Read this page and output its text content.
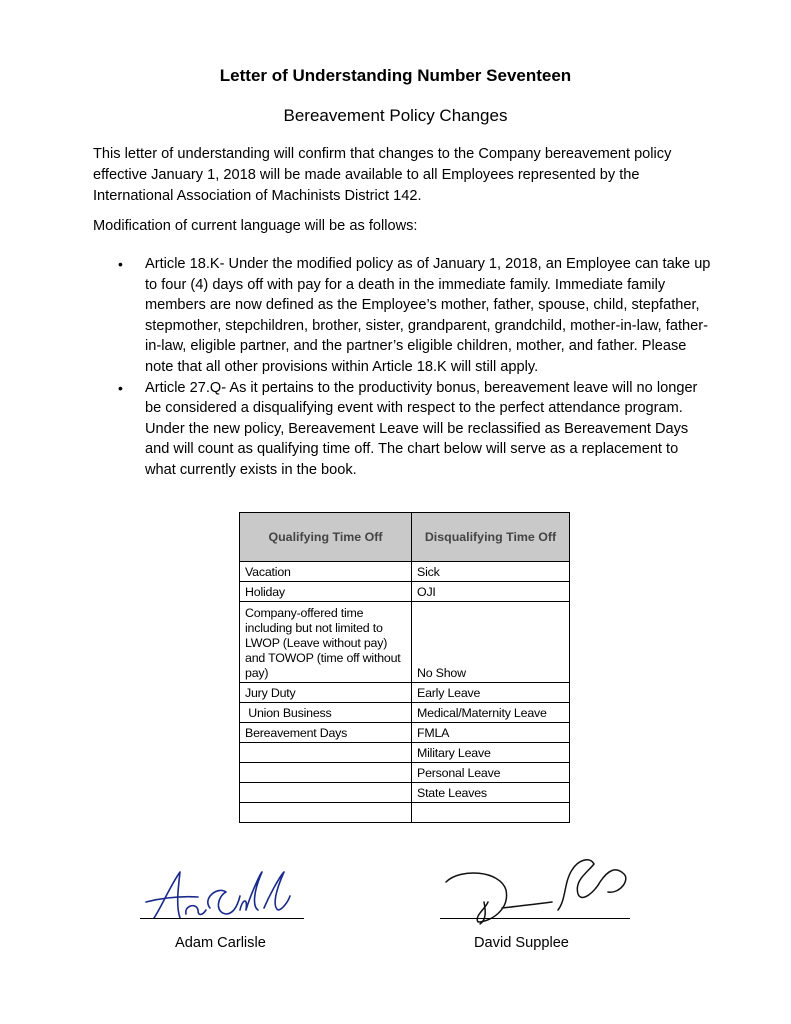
Letter of Understanding Number Seventeen
Bereavement Policy Changes
This letter of understanding will confirm that changes to the Company bereavement policy effective January 1, 2018 will be made available to all Employees represented by the International Association of Machinists District 142.
Modification of current language will be as follows:
• Article 18.K- Under the modified policy as of January 1, 2018, an Employee can take up to four (4) days off with pay for a death in the immediate family. Immediate family members are now defined as the Employee’s mother, father, spouse, child, stepfather, stepmother, stepchildren, brother, sister, grandparent, grandchild, mother-in-law, father-in-law, eligible partner, and the partner’s eligible children, mother, and father. Please note that all other provisions within Article 18.K will still apply.
• Article 27.Q- As it pertains to the productivity bonus, bereavement leave will no longer be considered a disqualifying event with respect to the perfect attendance program. Under the new policy, Bereavement Leave will be reclassified as Bereavement Days and will count as qualifying time off. The chart below will serve as a replacement to what currently exists in the book.
Qualifying Time Off	Disqualifying Time Off
Vacation	Sick
Holiday	OJI
Company-offered time including but not limited to LWOP (Leave without pay) and TOWOP (time off without pay)	No Show
Jury Duty	Early Leave
Union Business	Medical/Maternity Leave
Bereavement Days	FMLA
	Military Leave
	Personal Leave
	State Leaves

Adam Carlisle	David Supplee
